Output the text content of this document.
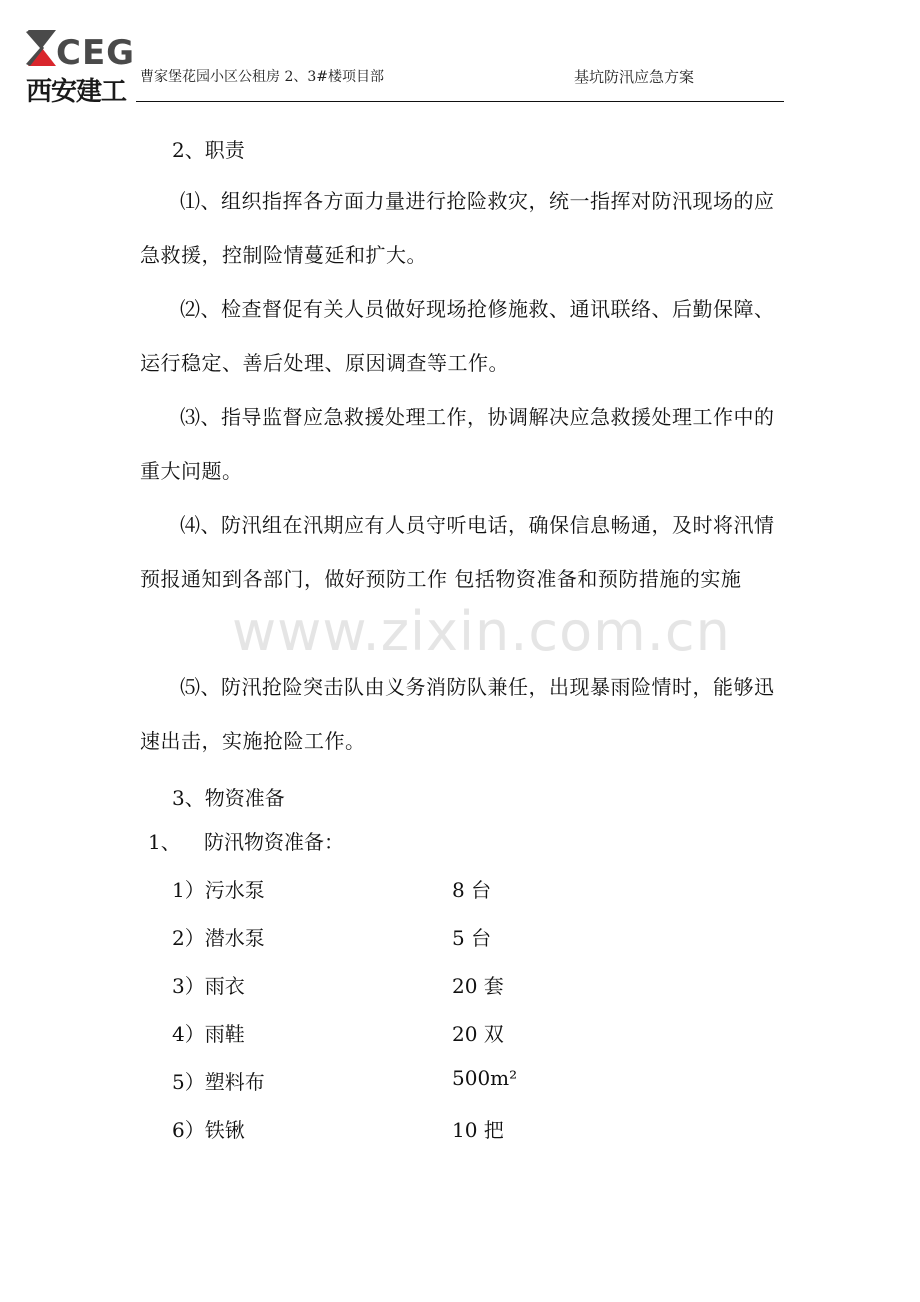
CEG
西安建工 曹家堡花园小区公租房 2、3#楼项目部	基坑防汛应急方案

2、职责

⑴、组织指挥各方面力量进行抢险救灾，统一指挥对防汛现场的应急救援，控制险情蔓延和扩大。

⑵、检查督促有关人员做好现场抢修施救、通讯联络、后勤保障、运行稳定、善后处理、原因调查等工作。

⑶、指导监督应急救援处理工作，协调解决应急救援处理工作中的重大问题。

⑷、防汛组在汛期应有人员守听电话，确保信息畅通，及时将汛情预报通知到各部门，做好预防工作 包括物资准备和预防措施的实施

⑸、防汛抢险突击队由义务消防队兼任，出现暴雨险情时，能够迅速出击，实施抢险工作。

3、物资准备

1、 防汛物资准备：

1）污水泵	8 台
2）潜水泵	5 台
3）雨衣	20 套
4）雨鞋	20 双
5）塑料布	500m²
6）铁锹	10 把
www.zixin.com.cn
